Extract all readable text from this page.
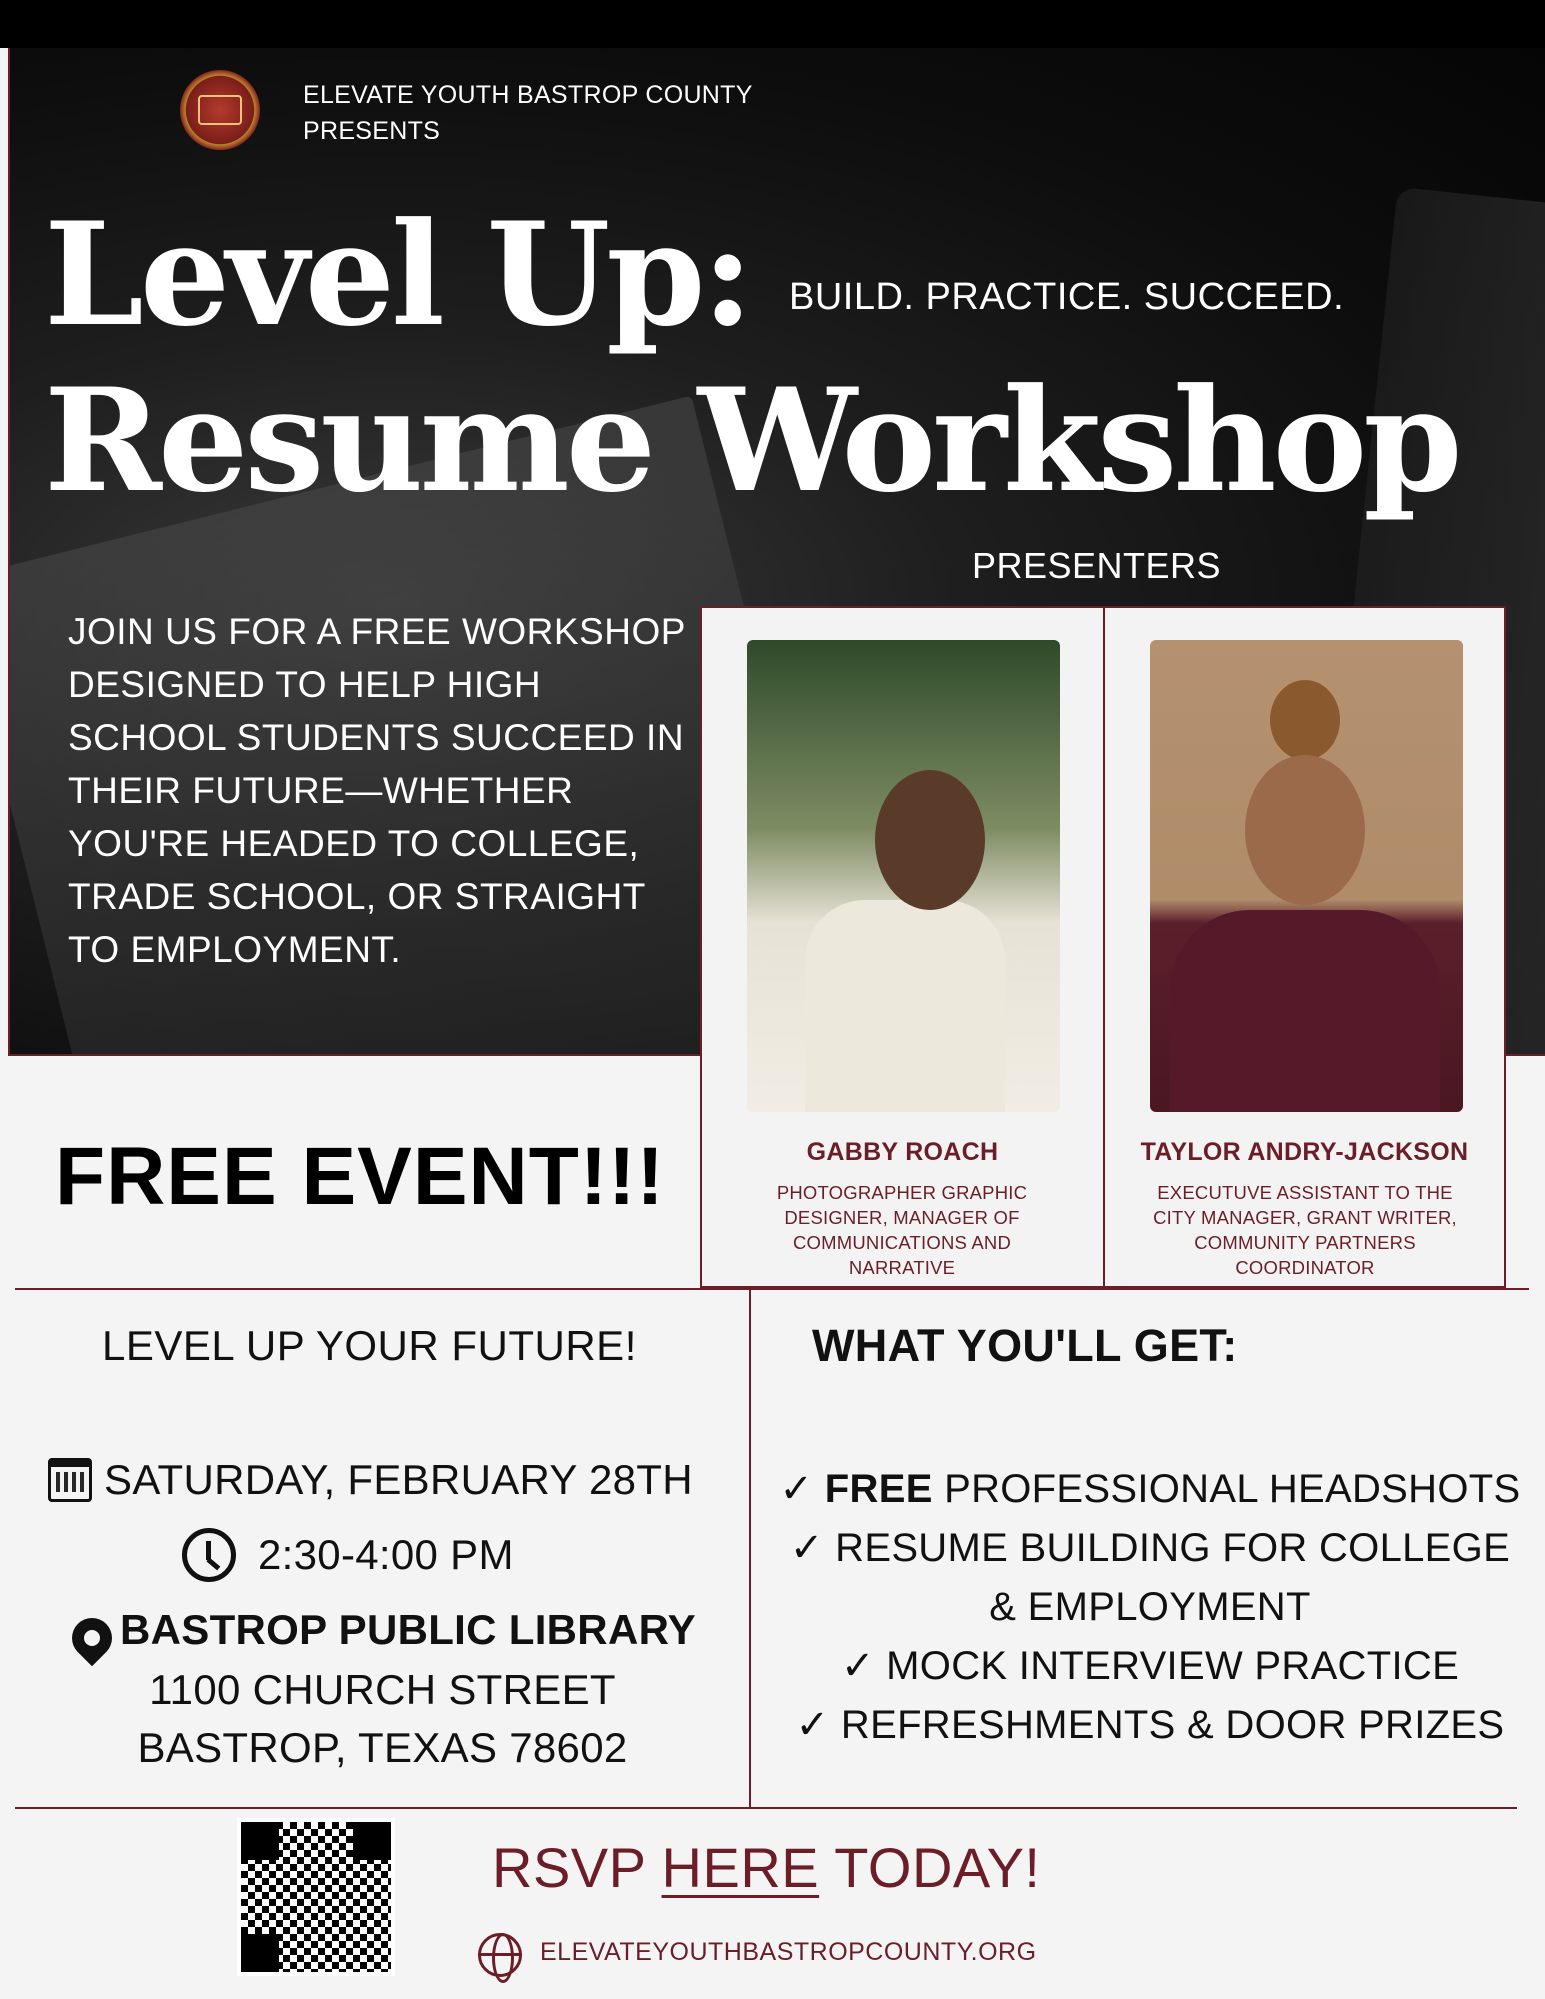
ELEVATE YOUTH BASTROP COUNTY
PRESENTS
Level Up:
Resume Workshop
BUILD. PRACTICE. SUCCEED.
PRESENTERS
JOIN US FOR A FREE WORKSHOP DESIGNED TO HELP HIGH SCHOOL STUDENTS SUCCEED IN THEIR FUTURE—WHETHER YOU'RE HEADED TO COLLEGE, TRADE SCHOOL, OR STRAIGHT TO EMPLOYMENT.
GABBY ROACH
PHOTOGRAPHER GRAPHIC DESIGNER, MANAGER OF COMMUNICATIONS AND NARRATIVE
TAYLOR ANDRY-JACKSON
EXECUTUVE ASSISTANT TO THE CITY MANAGER, GRANT WRITER, COMMUNITY PARTNERS COORDINATOR
FREE EVENT!!!
LEVEL UP YOUR FUTURE!
SATURDAY, FEBRUARY 28TH
2:30-4:00 PM
BASTROP PUBLIC LIBRARY
1100 CHURCH STREET
BASTROP, TEXAS 78602
WHAT YOU'LL GET:
✓ FREE PROFESSIONAL HEADSHOTS
✓ RESUME BUILDING FOR COLLEGE
& EMPLOYMENT
✓ MOCK INTERVIEW PRACTICE
✓ REFRESHMENTS & DOOR PRIZES
RSVP HERE TODAY!
ELEVATEYOUTHBASTROPCOUNTY.ORG
